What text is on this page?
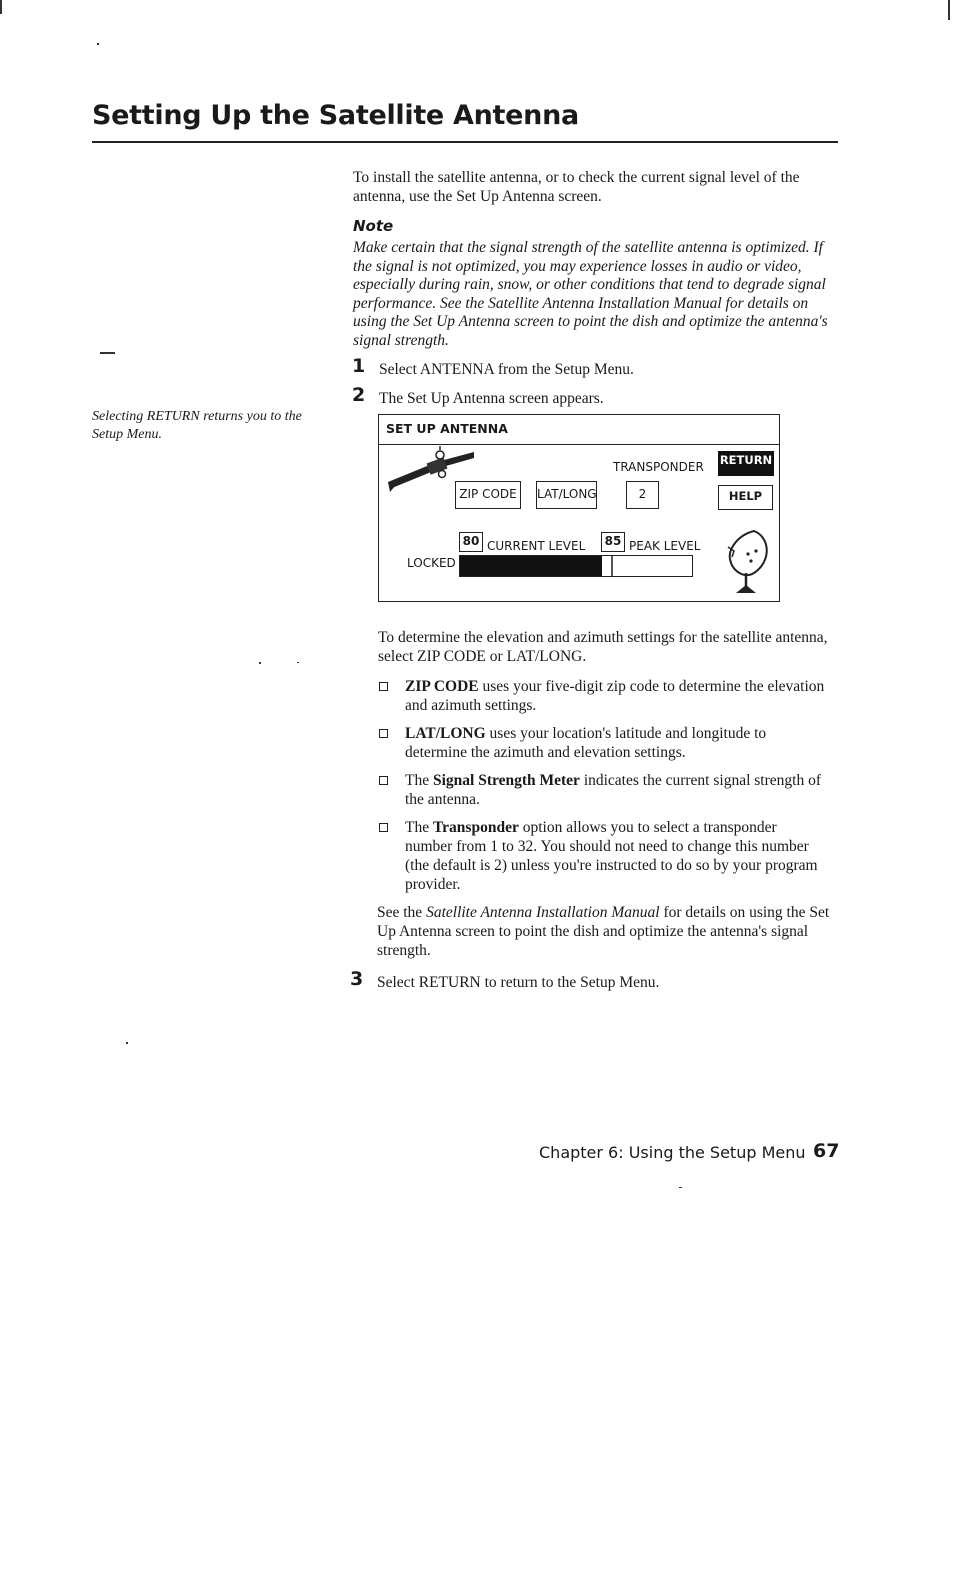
Setting Up the Satellite Antenna
To install the satellite antenna, or to check the current signal level of the antenna, use the Set Up Antenna screen.
Note
Make certain that the signal strength of the satellite antenna is optimized. If the signal is not optimized, you may experience losses in audio or video, especially during rain, snow, or other conditions that tend to degrade signal performance. See the Satellite Antenna Installation Manual for details on using the Set Up Antenna screen to point the dish and optimize the antenna's signal strength.
1 Select ANTENNA from the Setup Menu.
2 The Set Up Antenna screen appears.
Selecting RETURN returns you to the Setup Menu.	SET UP ANTENNA
TRANSPONDER
ZIP CODE	LAT/LONG	2
RETURN
HELP
80 CURRENT LEVEL	85 PEAK LEVEL
LOCKED
To determine the elevation and azimuth settings for the satellite antenna, select ZIP CODE or LAT/LONG.
ZIP CODE uses your five-digit zip code to determine the elevation and azimuth settings.
LAT/LONG uses your location's latitude and longitude to determine the azimuth and elevation settings.
The Signal Strength Meter indicates the current signal strength of the antenna.
The Transponder option allows you to select a transponder number from 1 to 32. You should not need to change this number (the default is 2) unless you're instructed to do so by your program provider.
See the Satellite Antenna Installation Manual for details on using the Set Up Antenna screen to point the dish and optimize the antenna's signal strength.
3 Select RETURN to return to the Setup Menu.
Chapter 6: Using the Setup Menu 67
